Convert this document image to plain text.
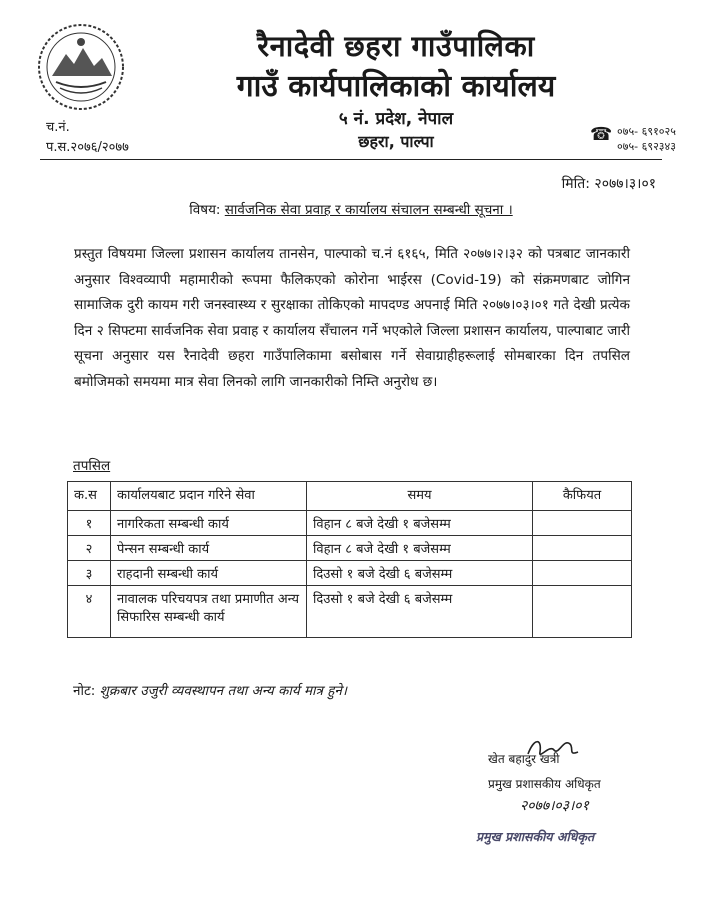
रैनादेवी छहरा गाउँपालिका
गाउँ कार्यपालिकाको कार्यालय
५ नं. प्रदेश, नेपाल
छहरा, पाल्पा
च.नं.
प.स.२०७६/२०७७
☎ ०७५- ६९१०२५
०७५- ६९२३४३
मिति: २०७७।३।०१
विषय: सार्वजनिक सेवा प्रवाह र कार्यालय संचालन सम्बन्धी सूचना ।
प्रस्तुत विषयमा जिल्ला प्रशासन कार्यालय तानसेन, पाल्पाको च.नं ६१६५, मिति २०७७।२।३२ को पत्रबाट जानकारी अनुसार विश्वव्यापी महामारीको रूपमा फैलिकएको कोरोना भाईरस (Covid-19) को संक्रमणबाट जोगिन सामाजिक दुरी कायम गरी जनस्वास्थ्य र सुरक्षाका तोकिएको मापदण्ड अपनाई मिति २०७७।०३।०१ गते देखी प्रत्येक दिन २ सिफ्टमा सार्वजनिक सेवा प्रवाह र कार्यालय सँचालन गर्ने भएकोले जिल्ला प्रशासन कार्यालय, पाल्पाबाट जारी सूचना अनुसार यस रैनादेवी छहरा गाउँपालिकामा बसोबास गर्ने सेवाग्राहीहरूलाई सोमबारका दिन तपसिल बमोजिमको समयमा मात्र सेवा लिनको लागि जानकारीको निम्ति अनुरोध छ।
तपसिल
क.स	कार्यालयबाट प्रदान गरिने सेवा	समय	कैफियत
१	नागरिकता सम्बन्धी कार्य	विहान ८ बजे देखी १ बजेसम्म	
२	पेन्सन सम्बन्धी कार्य	विहान ८ बजे देखी १ बजेसम्म	
३	राहदानी सम्बन्धी कार्य	दिउसो १ बजे देखी ६ बजेसम्म	
४	नावालक परिचयपत्र तथा प्रमाणीत अन्य सिफारिस सम्बन्धी कार्य	दिउसो १ बजे देखी ६ बजेसम्म	
नोट: शुक्रबार उजुरी व्यवस्थापन तथा अन्य कार्य मात्र हुने।
खेत बहादुर खत्री
प्रमुख प्रशासकीय अधिकृत
२०७७।०३।०१
प्रमुख प्रशासकीय अधिकृत
